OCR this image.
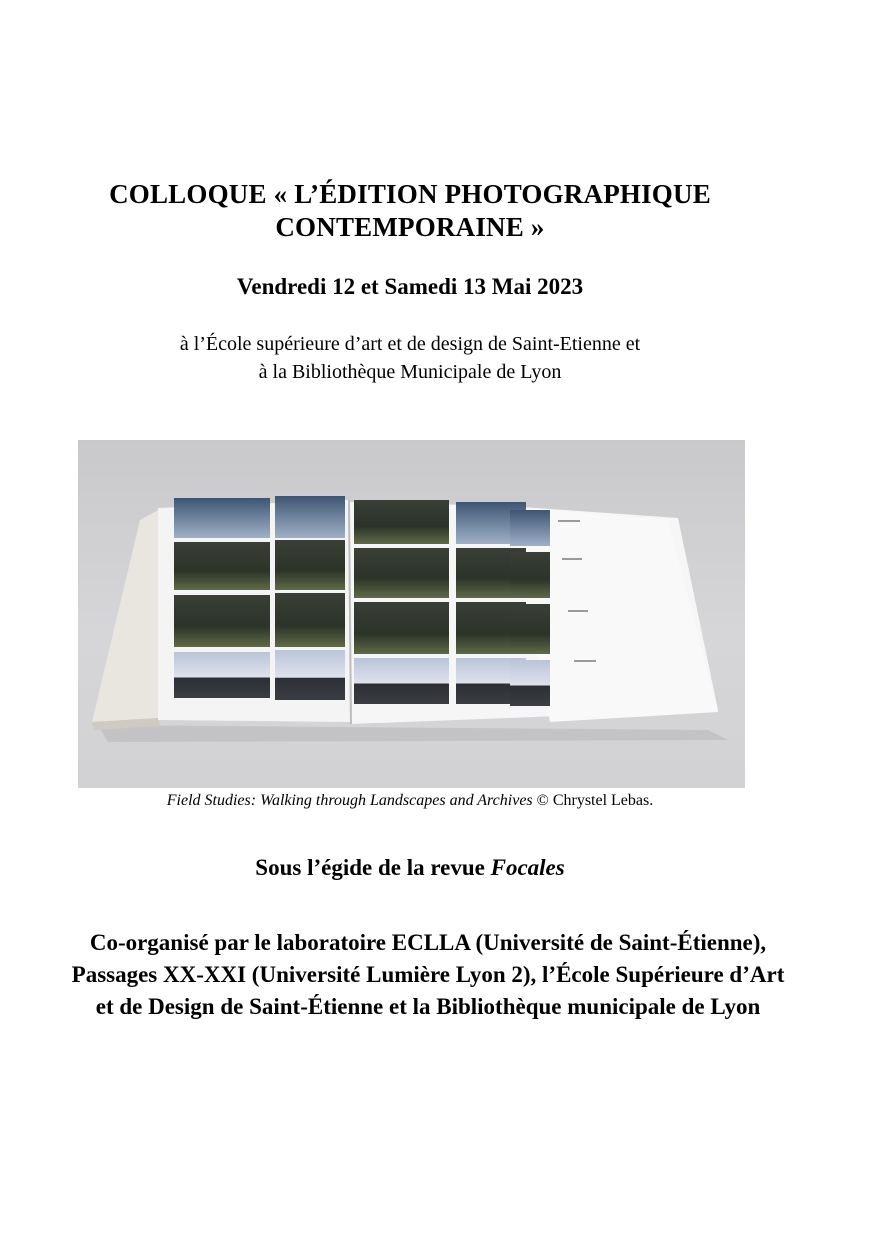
COLLOQUE « L’ÉDITION PHOTOGRAPHIQUE
CONTEMPORAINE »
Vendredi 12 et Samedi 13 Mai 2023
à l’École supérieure d’art et de design de Saint-Etienne et
à la Bibliothèque Municipale de Lyon
Field Studies: Walking through Landscapes and Archives © Chrystel Lebas.
Sous l’égide de la revue Focales
Co-organisé par le laboratoire ECLLA (Université de Saint-Étienne), Passages XX-XXI (Université Lumière Lyon 2), l’École Supérieure d’Art et de Design de Saint-Étienne et la Bibliothèque municipale de Lyon
